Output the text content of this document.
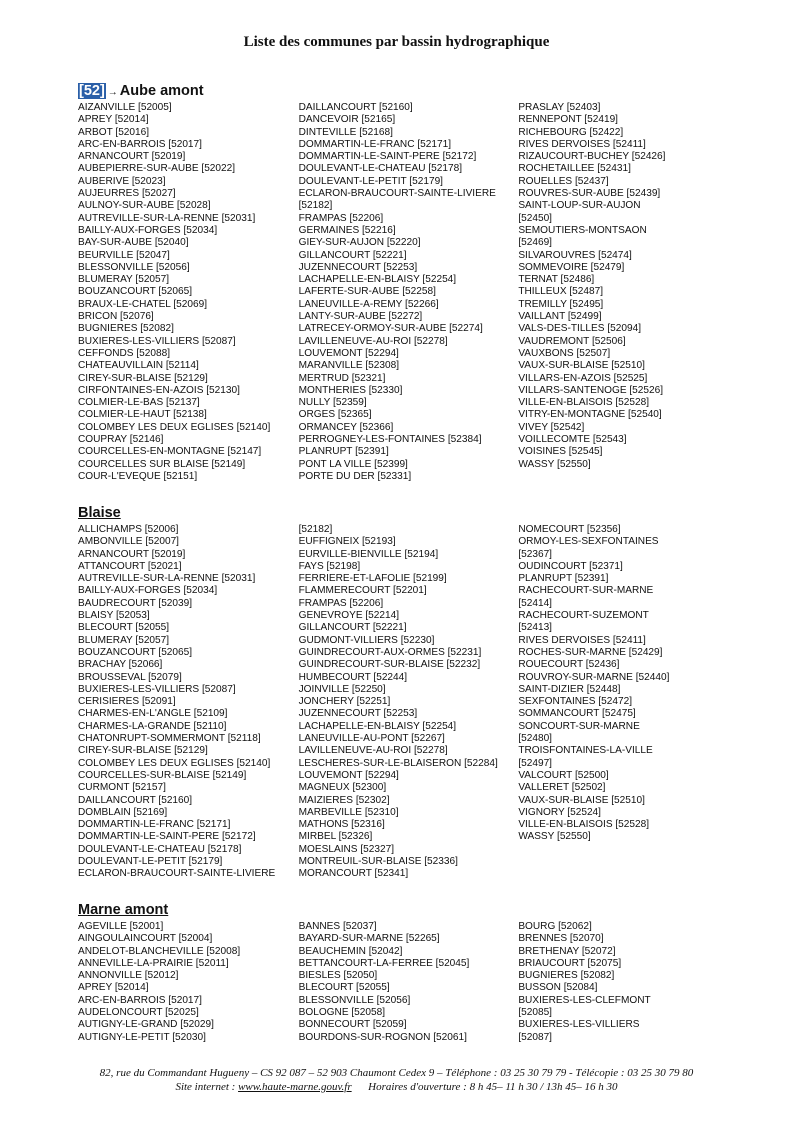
Liste des communes par bassin hydrographique
[52] → Aube amont
AIZANVILLE [52005]
APREY [52014]
ARBOT [52016]
ARC-EN-BARROIS [52017]
ARNANCOURT [52019]
AUBEPIERRE-SUR-AUBE [52022]
AUBERIVE [52023]
AUJEURRES [52027]
AULNOY-SUR-AUBE [52028]
AUTREVILLE-SUR-LA-RENNE [52031]
BAILLY-AUX-FORGES [52034]
BAY-SUR-AUBE [52040]
BEURVILLE [52047]
BLESSONVILLE [52056]
BLUMERAY [52057]
BOUZANCOURT [52065]
BRAUX-LE-CHATEL [52069]
BRICON [52076]
BUGNIERES [52082]
BUXIERES-LES-VILLIERS [52087]
CEFFONDS [52088]
CHATEAUVILLAIN [52114]
CIREY-SUR-BLAISE [52129]
CIRFONTAINES-EN-AZOIS [52130]
COLMIER-LE-BAS [52137]
COLMIER-LE-HAUT [52138]
COLOMBEY LES DEUX EGLISES [52140]
COUPRAY [52146]
COURCELLES-EN-MONTAGNE [52147]
COURCELLES SUR BLAISE [52149]
COUR-L'EVEQUE [52151]
DAILLANCOURT [52160]
DANCEVOIR [52165]
DINTEVILLE [52168]
DOMMARTIN-LE-FRANC [52171]
DOMMARTIN-LE-SAINT-PERE [52172]
DOULEVANT-LE-CHATEAU [52178]
DOULEVANT-LE-PETIT [52179]
ECLARON-BRAUCOURT-SAINTE-LIVIERE
[52182]
FRAMPAS [52206]
GERMAINES [52216]
GIEY-SUR-AUJON [52220]
GILLANCOURT [52221]
JUZENNECOURT [52253]
LACHAPELLE-EN-BLAISY [52254]
LAFERTE-SUR-AUBE [52258]
LANEUVILLE-A-REMY [52266]
LANTY-SUR-AUBE [52272]
LATRECEY-ORMOY-SUR-AUBE [52274]
LAVILLENEUVE-AU-ROI [52278]
LOUVEMONT [52294]
MARANVILLE [52308]
MERTRUD [52321]
MONTHERIES [52330]
NULLY [52359]
ORGES [52365]
ORMANCEY [52366]
PERROGNEY-LES-FONTAINES [52384]
PLANRUPT [52391]
PONT LA VILLE [52399]
PORTE DU DER [52331]
PRASLAY [52403]
RENNEPONT [52419]
RICHEBOURG [52422]
RIVES DERVOISES [52411]
RIZAUCOURT-BUCHEY [52426]
ROCHETAILLEE [52431]
ROUELLES [52437]
ROUVRES-SUR-AUBE [52439]
SAINT-LOUP-SUR-AUJON
[52450]
SEMOUTIERS-MONTSAON
[52469]
SILVAROUVRES [52474]
SOMMEVOIRE [52479]
TERNAT [52486]
THILLEUX [52487]
TREMILLY [52495]
VAILLANT [52499]
VALS-DES-TILLES [52094]
VAUDREMONT [52506]
VAUXBONS [52507]
VAUX-SUR-BLAISE [52510]
VILLARS-EN-AZOIS [52525]
VILLARS-SANTENOGE [52526]
VILLE-EN-BLAISOIS [52528]
VITRY-EN-MONTAGNE [52540]
VIVEY [52542]
VOILLECOMTE [52543]
VOISINES [52545]
WASSY [52550]
Blaise
ALLICHAMPS [52006]
AMBONVILLE [52007]
ARNANCOURT [52019]
ATTANCOURT [52021]
AUTREVILLE-SUR-LA-RENNE [52031]
BAILLY-AUX-FORGES [52034]
BAUDRECOURT [52039]
BLAISY [52053]
BLECOURT [52055]
BLUMERAY [52057]
BOUZANCOURT [52065]
BRACHAY [52066]
BROUSSEVAL [52079]
BUXIERES-LES-VILLIERS [52087]
CERISIERES [52091]
CHARMES-EN-L'ANGLE [52109]
CHARMES-LA-GRANDE [52110]
CHATONRUPT-SOMMERMONT [52118]
CIREY-SUR-BLAISE [52129]
COLOMBEY LES DEUX EGLISES [52140]
COURCELLES-SUR-BLAISE [52149]
CURMONT [52157]
DAILLANCOURT [52160]
DOMBLAIN [52169]
DOMMARTIN-LE-FRANC [52171]
DOMMARTIN-LE-SAINT-PERE [52172]
DOULEVANT-LE-CHATEAU [52178]
DOULEVANT-LE-PETIT [52179]
ECLARON-BRAUCOURT-SAINTE-LIVIERE
[52182]
EUFFIGNEIX [52193]
EURVILLE-BIENVILLE [52194]
FAYS [52198]
FERRIERE-ET-LAFOLIE [52199]
FLAMMERECOURT [52201]
FRAMPAS [52206]
GENEVROYE [52214]
GILLANCOURT [52221]
GUDMONT-VILLIERS [52230]
GUINDRECOURT-AUX-ORMES [52231]
GUINDRECOURT-SUR-BLAISE [52232]
HUMBECOURT [52244]
JOINVILLE [52250]
JONCHERY [52251]
JUZENNECOURT [52253]
LACHAPELLE-EN-BLAISY [52254]
LANEUVILLE-AU-PONT [52267]
LAVILLENEUVE-AU-ROI [52278]
LESCHERES-SUR-LE-BLAISERON [52284]
LOUVEMONT [52294]
MAGNEUX [52300]
MAIZIERES [52302]
MARBEVILLE [52310]
MATHONS [52316]
MIRBEL [52326]
MOESLAINS [52327]
MONTREUIL-SUR-BLAISE [52336]
MORANCOURT [52341]
NOMECOURT [52356]
ORMOY-LES-SEXFONTAINES
[52367]
OUDINCOURT [52371]
PLANRUPT [52391]
RACHECOURT-SUR-MARNE
[52414]
RACHECOURT-SUZEMONT
[52413]
RIVES DERVOISES [52411]
ROCHES-SUR-MARNE [52429]
ROUECOURT [52436]
ROUVROY-SUR-MARNE [52440]
SAINT-DIZIER [52448]
SEXFONTAINES [52472]
SOMMANCOURT [52475]
SONCOURT-SUR-MARNE
[52480]
TROISFONTAINES-LA-VILLE
[52497]
VALCOURT [52500]
VALLERET [52502]
VAUX-SUR-BLAISE [52510]
VIGNORY [52524]
VILLE-EN-BLAISOIS [52528]
WASSY [52550]
Marne amont
AGEVILLE [52001]
AINGOULAINCOURT [52004]
ANDELOT-BLANCHEVILLE [52008]
ANNEVILLE-LA-PRAIRIE [52011]
ANNONVILLE [52012]
APREY [52014]
ARC-EN-BARROIS [52017]
AUDELONCOURT [52025]
AUTIGNY-LE-GRAND [52029]
AUTIGNY-LE-PETIT [52030]
BANNES [52037]
BAYARD-SUR-MARNE [52265]
BEAUCHEMIN [52042]
BETTANCOURT-LA-FERREE [52045]
BIESLES [52050]
BLECOURT [52055]
BLESSONVILLE [52056]
BOLOGNE [52058]
BONNECOURT [52059]
BOURDONS-SUR-ROGNON [52061]
BOURG [52062]
BRENNES [52070]
BRETHENAY [52072]
BRIAUCOURT [52075]
BUGNIERES [52082]
BUSSON [52084]
BUXIERES-LES-CLEFMONT
[52085]
BUXIERES-LES-VILLIERS
[52087]
82, rue du Commandant Hugueny – CS 92 087 – 52 903 Chaumont Cedex 9 – Téléphone : 03 25 30 79 79 - Télécopie : 03 25 30 79 80
Site internet : www.haute-marne.gouv.fr Horaires d'ouverture : 8 h 45– 11 h 30 / 13h 45– 16 h 30
